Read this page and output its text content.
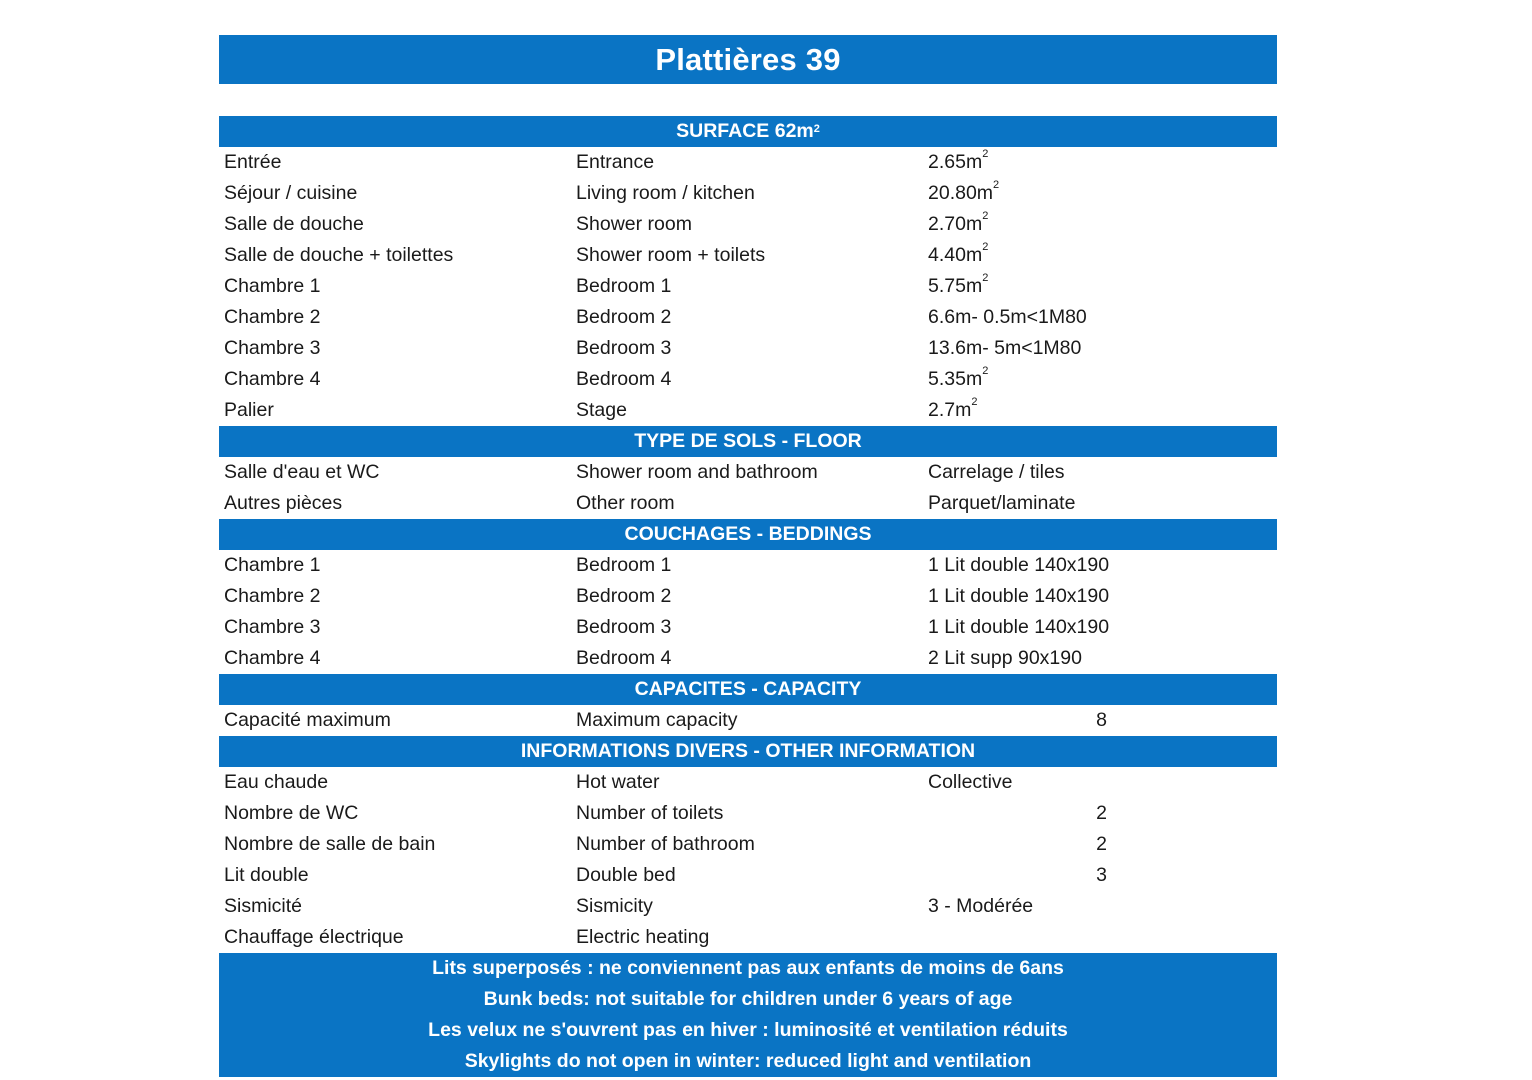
Plattières 39
SURFACE $62m^2$
Entrée	Entrance	$2.65m^2$
Séjour / cuisine	Living room / kitchen	$20.80m^2$
Salle de douche	Shower room	$2.70m^2$
Salle de douche + toilettes	Shower room + toilets	$4.40m^2$
Chambre 1	Bedroom 1	$5.75m^2$
Chambre 2	Bedroom 2	6.6m- 0.5m<1M80
Chambre 3	Bedroom 3	13.6m- 5m<1M80
Chambre 4	Bedroom 4	$5.35m^2$
Palier	Stage	$2.7m^2$
TYPE DE SOLS - FLOOR
Salle d'eau et WC	Shower room and bathroom	Carrelage / tiles
Autres pièces	Other room	Parquet/laminate
COUCHAGES - BEDDINGS
Chambre 1	Bedroom 1	1 Lit double 140x190
Chambre 2	Bedroom 2	1 Lit double 140x190
Chambre 3	Bedroom 3	1 Lit double 140x190
Chambre 4	Bedroom 4	2 Lit supp 90x190
CAPACITES - CAPACITY
Capacité maximum	Maximum capacity	8
INFORMATIONS DIVERS - OTHER INFORMATION
Eau chaude	Hot water	Collective
Nombre de WC	Number of toilets	2
Nombre de salle de bain	Number of bathroom	2
Lit double	Double bed	3
Sismicité	Sismicity	3 - Modérée
Chauffage électrique	Electric heating
Lits superposés : ne conviennent pas aux enfants de moins de 6ans
Bunk beds: not suitable for children under 6 years of age
Les velux ne s'ouvrent pas en hiver : luminosité et ventilation réduits
Skylights do not open in winter: reduced light and ventilation
